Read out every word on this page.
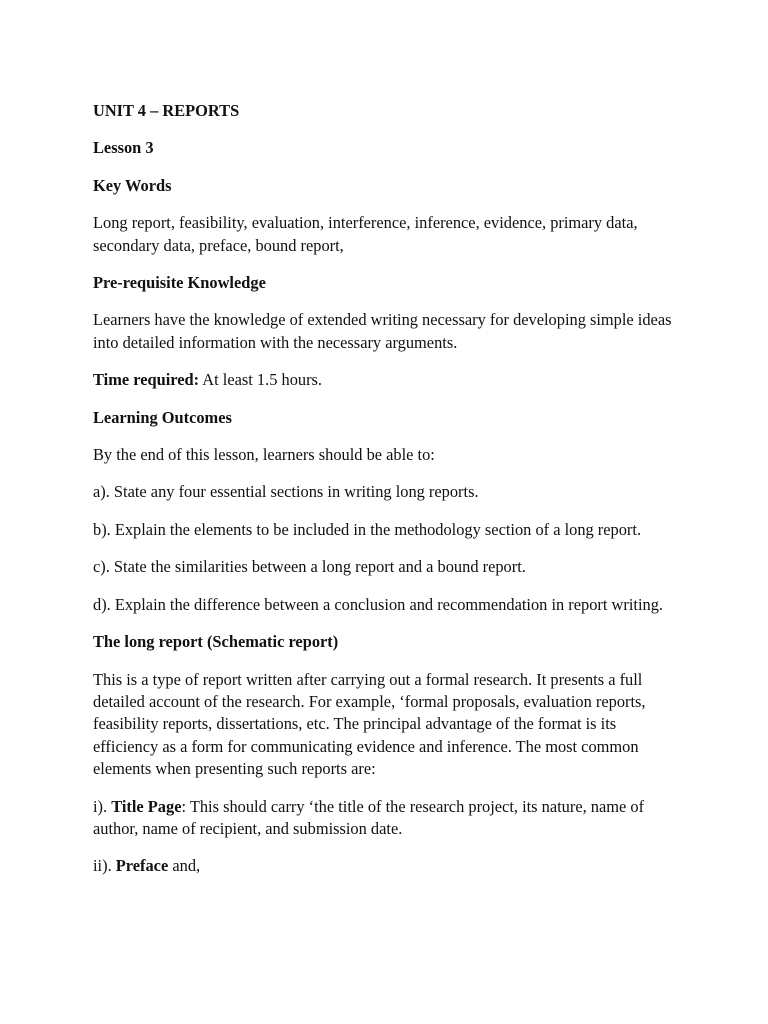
UNIT 4 – REPORTS

Lesson 3

Key Words

Long report, feasibility, evaluation, interference, inference, evidence, primary data, secondary data, preface, bound report,

Pre-requisite Knowledge

Learners have the knowledge of extended writing necessary for developing simple ideas into detailed information with the necessary arguments.

Time required: At least 1.5 hours.

Learning Outcomes

By the end of this lesson, learners should be able to:

a). State any four essential sections in writing long reports.

b). Explain the elements to be included in the methodology section of a long report.

c). State the similarities between a long report and a bound report.

d). Explain the difference between a conclusion and recommendation in report writing.

The long report (Schematic report)

This is a type of report written after carrying out a formal research. It presents a full detailed account of the research. For example, ‘formal proposals, evaluation reports, feasibility reports, dissertations, etc. The principal advantage of the format is its efficiency as a form for communicating evidence and inference. The most common elements when presenting such reports are:

i). Title Page: This should carry ‘the title of the research project, its nature, name of author, name of recipient, and submission date.

ii). Preface and,
